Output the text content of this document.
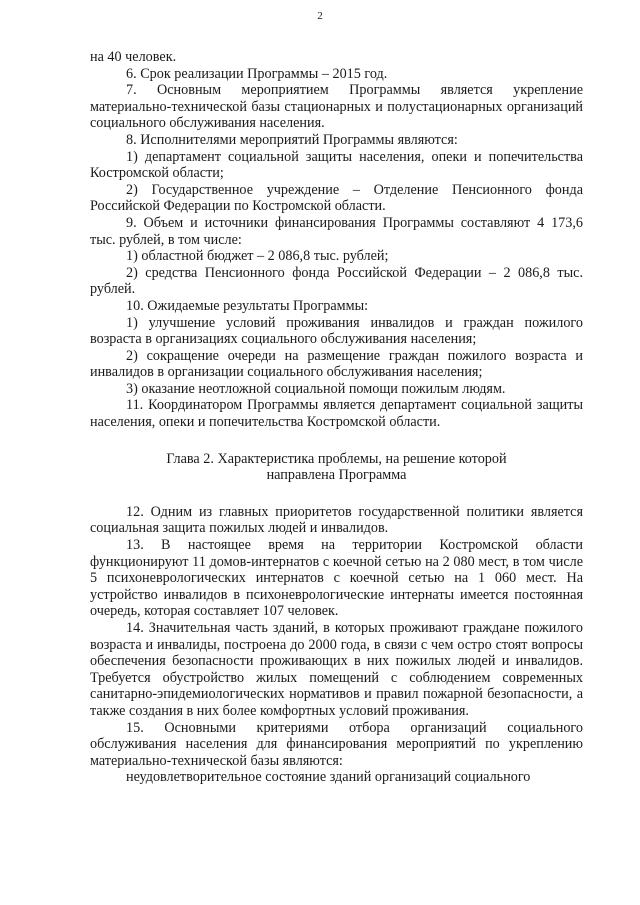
2

на 40 человек.

6. Срок реализации Программы – 2015 год.

7. Основным мероприятием Программы является укрепление материально-технической базы стационарных и полустационарных организаций социального обслуживания населения.

8. Исполнителями мероприятий Программы являются:

1) департамент социальной защиты населения, опеки и попечительства Костромской области;

2) Государственное учреждение – Отделение Пенсионного фонда Российской Федерации по Костромской области.

9. Объем и источники финансирования Программы составляют 4 173,6 тыс. рублей, в том числе:

1) областной бюджет – 2 086,8 тыс. рублей;

2) средства Пенсионного фонда Российской Федерации – 2 086,8 тыс. рублей.

10. Ожидаемые результаты Программы:

1) улучшение условий проживания инвалидов и граждан пожилого возраста в организациях социального обслуживания населения;

2) сокращение очереди на размещение граждан пожилого возраста и инвалидов в организации социального обслуживания населения;

3) оказание неотложной социальной помощи пожилым людям.

11. Координатором Программы является департамент социальной защиты населения, опеки и попечительства Костромской области.

Глава 2. Характеристика проблемы, на решение которой
направлена Программа

12. Одним из главных приоритетов государственной политики является социальная защита пожилых людей и инвалидов.

13. В настоящее время на территории Костромской области функционируют 11 домов-интернатов с коечной сетью на 2 080 мест, в том числе 5 психоневрологических интернатов с коечной сетью на 1 060 мест. На устройство инвалидов в психоневрологические интернаты имеется постоянная очередь, которая составляет 107 человек.

14. Значительная часть зданий, в которых проживают граждане пожилого возраста и инвалиды, построена до 2000 года, в связи с чем остро стоят вопросы обеспечения безопасности проживающих в них пожилых людей и инвалидов. Требуется обустройство жилых помещений с соблюдением современных санитарно-эпидемиологических нормативов и правил пожарной безопасности, а также создания в них более комфортных условий проживания.

15. Основными критериями отбора организаций социального обслуживания населения для финансирования мероприятий по укреплению материально-технической базы являются:

неудовлетворительное состояние зданий организаций социального
